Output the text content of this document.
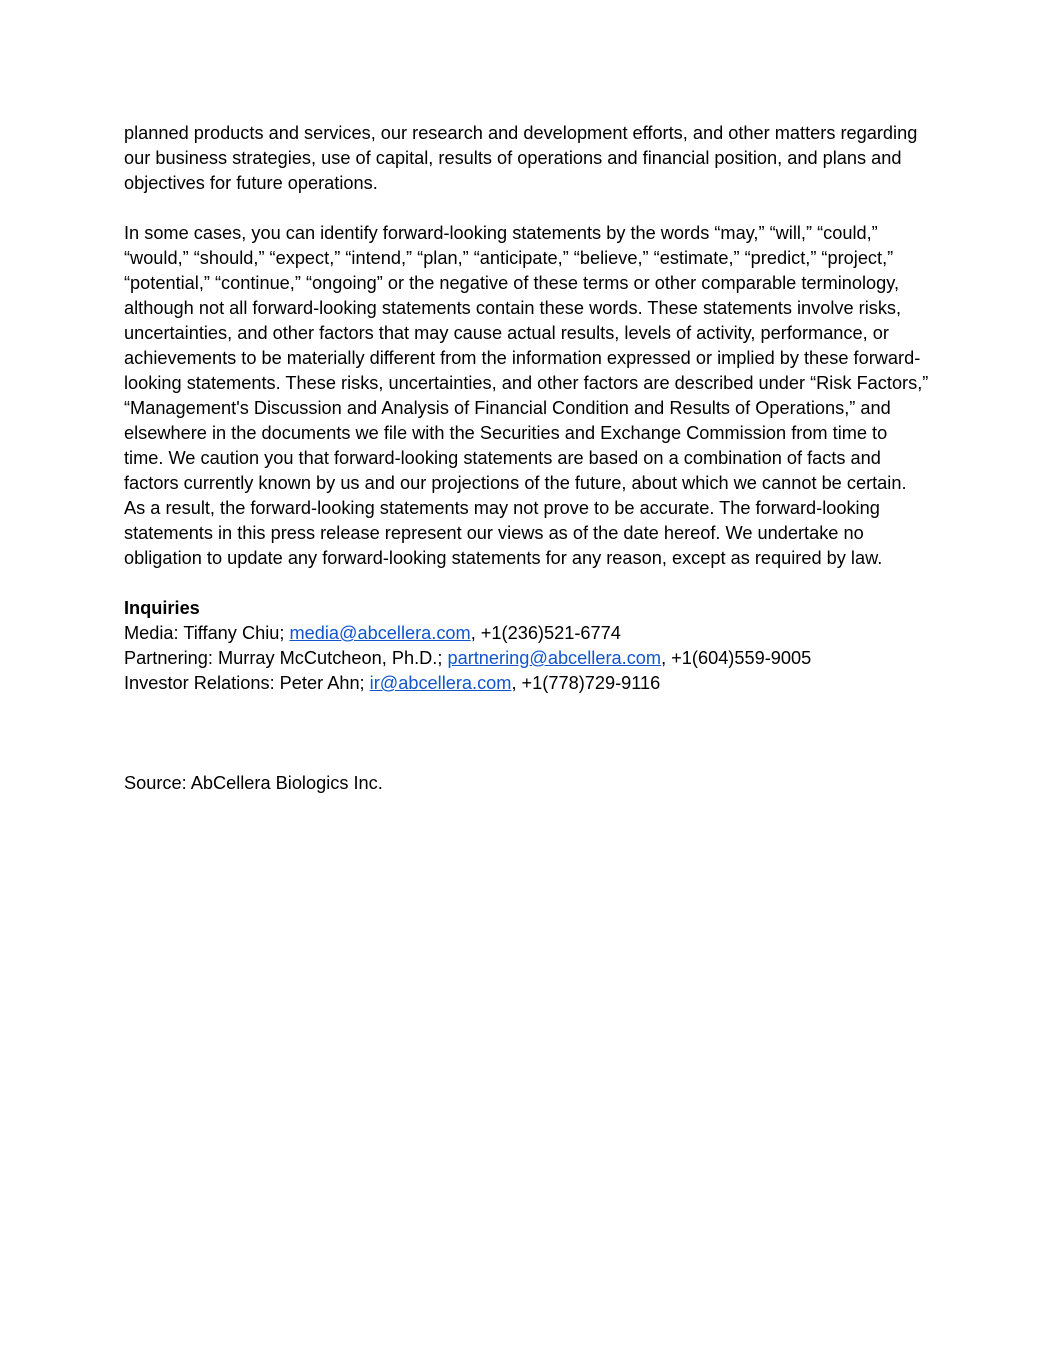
planned products and services, our research and development efforts, and other matters regarding our business strategies, use of capital, results of operations and financial position, and plans and objectives for future operations.

In some cases, you can identify forward-looking statements by the words “may,” “will,” “could,” “would,” “should,” “expect,” “intend,” “plan,” “anticipate,” “believe,” “estimate,” “predict,” “project,” “potential,” “continue,” “ongoing” or the negative of these terms or other comparable terminology, although not all forward-looking statements contain these words. These statements involve risks, uncertainties, and other factors that may cause actual results, levels of activity, performance, or achievements to be materially different from the information expressed or implied by these forward-looking statements. These risks, uncertainties, and other factors are described under “Risk Factors,” “Management's Discussion and Analysis of Financial Condition and Results of Operations,” and elsewhere in the documents we file with the Securities and Exchange Commission from time to time. We caution you that forward-looking statements are based on a combination of facts and factors currently known by us and our projections of the future, about which we cannot be certain. As a result, the forward-looking statements may not prove to be accurate. The forward-looking statements in this press release represent our views as of the date hereof. We undertake no obligation to update any forward-looking statements for any reason, except as required by law.

Inquiries

Media: Tiffany Chiu; media@abcellera.com, +1(236)521-6774

Partnering: Murray McCutcheon, Ph.D.; partnering@abcellera.com, +1(604)559-9005

Investor Relations: Peter Ahn; ir@abcellera.com, +1(778)729-9116

Source: AbCellera Biologics Inc.
